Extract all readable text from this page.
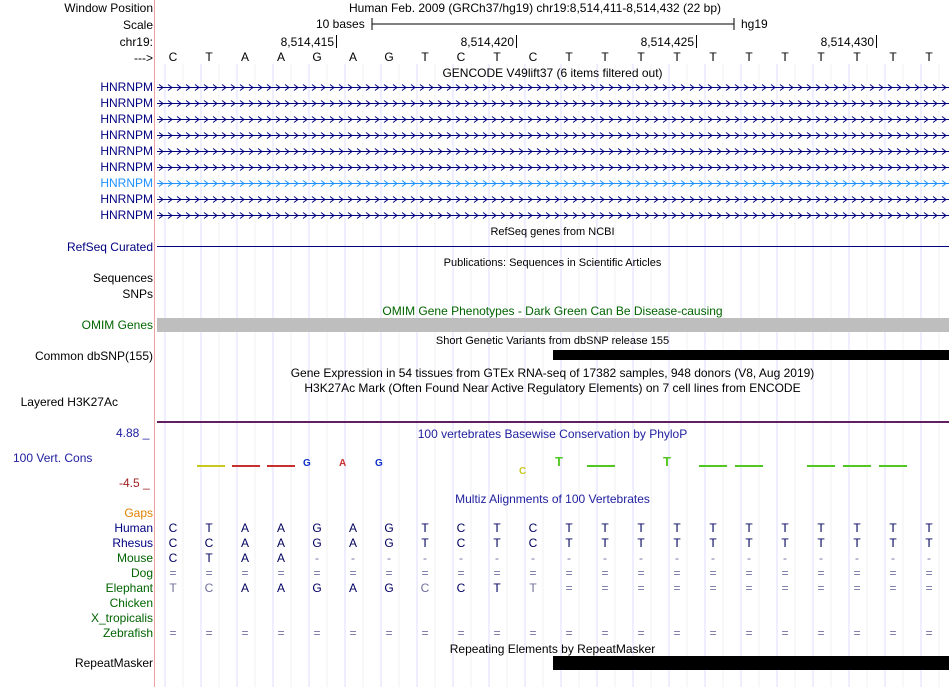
Window Position	Human Feb. 2009 (GRCh37/hg19) chr19:8,514,411-8,514,432 (22 bp)
Scale	10 bases	hg19
chr19:	8,514,415	8,514,420	8,514,425	8,514,430
---> C T A A G A G T C T C T T T T T T T T T T T
GENCODE V49lift37 (6 items filtered out)
HNRNPM
HNRNPM
HNRNPM
HNRNPM
HNRNPM
HNRNPM
HNRNPM
HNRNPM
HNRNPM
RefSeq genes from NCBI
RefSeq Curated
Publications: Sequences in Scientific Articles
Sequences
SNPs
OMIM Gene Phenotypes - Dark Green Can Be Disease-causing
OMIM Genes
Short Genetic Variants from dbSNP release 155
Common dbSNP(155)
Gene Expression in 54 tissues from GTEx RNA-seq of 17382 samples, 948 donors (V8, Aug 2019)
H3K27Ac Mark (Often Found Near Active Regulatory Elements) on 7 cell lines from ENCODE
Layered H3K27Ac
100 vertebrates Basewise Conservation by PhyloP
4.88 _
100 Vert. Cons
-4.5 _
G	A	G
C
T	T
Multiz Alignments of 100 Vertebrates
Gaps
Human C T A A G A G T C T C T T T T T T T T T T T
Rhesus C C A A G A G T C T C T T T T T T T T T T T
Mouse C T A A	-	-	-	-	-	-	-	-	-	-	-	-	-	-	-	-	-	-
Dog = = = = = = = = = = = = = = = = = = = = = =
Elephant T C A A G A G C C T T = = = = = = = = = = =
Chicken
X_tropicalis
Zebrafish = = = = = = = = = = = = = = = = = = = = = =
Repeating Elements by RepeatMasker
RepeatMasker
